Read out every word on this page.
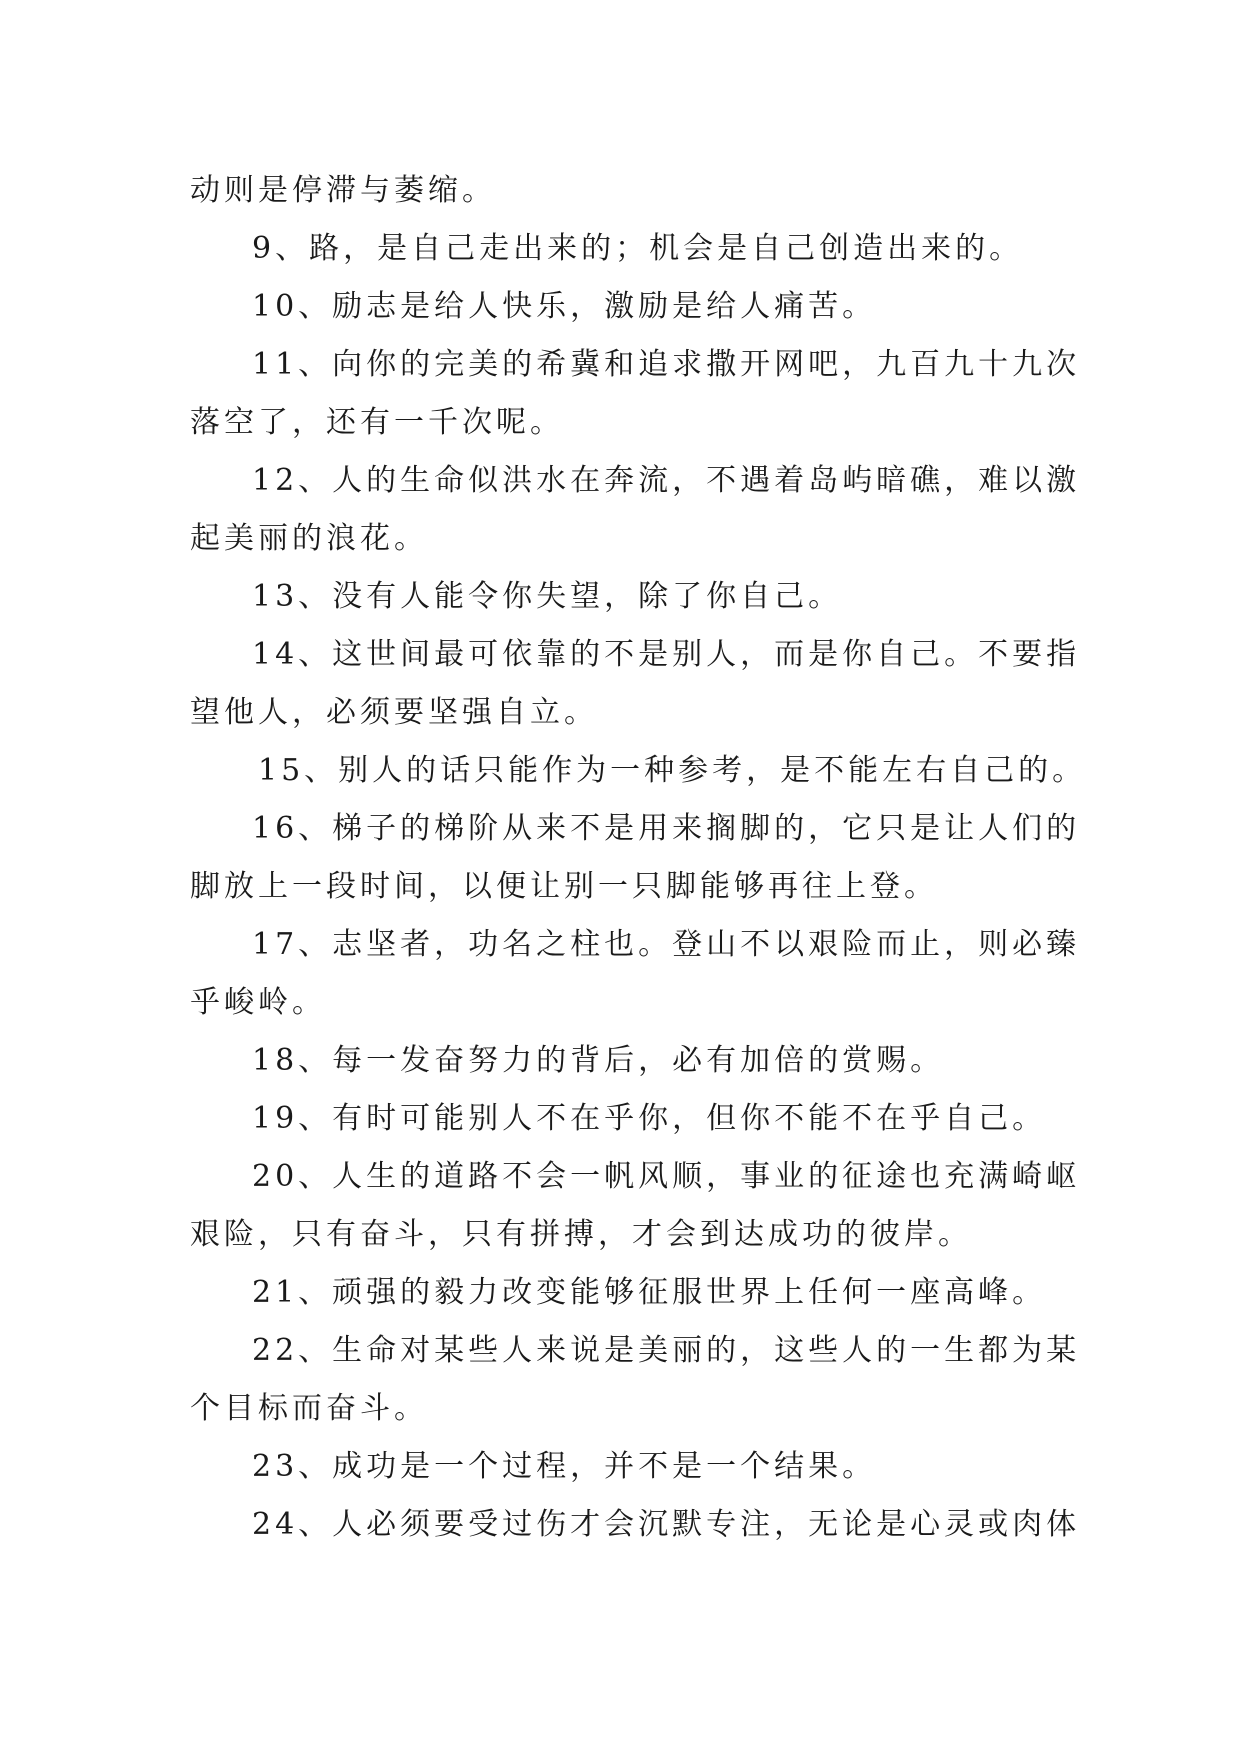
动则是停滞与萎缩。
9、路，是自己走出来的；机会是自己创造出来的。
10、励志是给人快乐，激励是给人痛苦。
11、向你的完美的希冀和追求撒开网吧，九百九十九次
落空了，还有一千次呢。
12、人的生命似洪水在奔流，不遇着岛屿暗礁，难以激
起美丽的浪花。
13、没有人能令你失望，除了你自己。
14、这世间最可依靠的不是别人，而是你自己。不要指
望他人，必须要坚强自立。
15、别人的话只能作为一种参考，是不能左右自己的。
16、梯子的梯阶从来不是用来搁脚的，它只是让人们的
脚放上一段时间，以便让别一只脚能够再往上登。
17、志坚者，功名之柱也。登山不以艰险而止，则必臻
乎峻岭。
18、每一发奋努力的背后，必有加倍的赏赐。
19、有时可能别人不在乎你，但你不能不在乎自己。
20、人生的道路不会一帆风顺，事业的征途也充满崎岖
艰险，只有奋斗，只有拼搏，才会到达成功的彼岸。
21、顽强的毅力改变能够征服世界上任何一座高峰。
22、生命对某些人来说是美丽的，这些人的一生都为某
个目标而奋斗。
23、成功是一个过程，并不是一个结果。
24、人必须要受过伤才会沉默专注，无论是心灵或肉体
